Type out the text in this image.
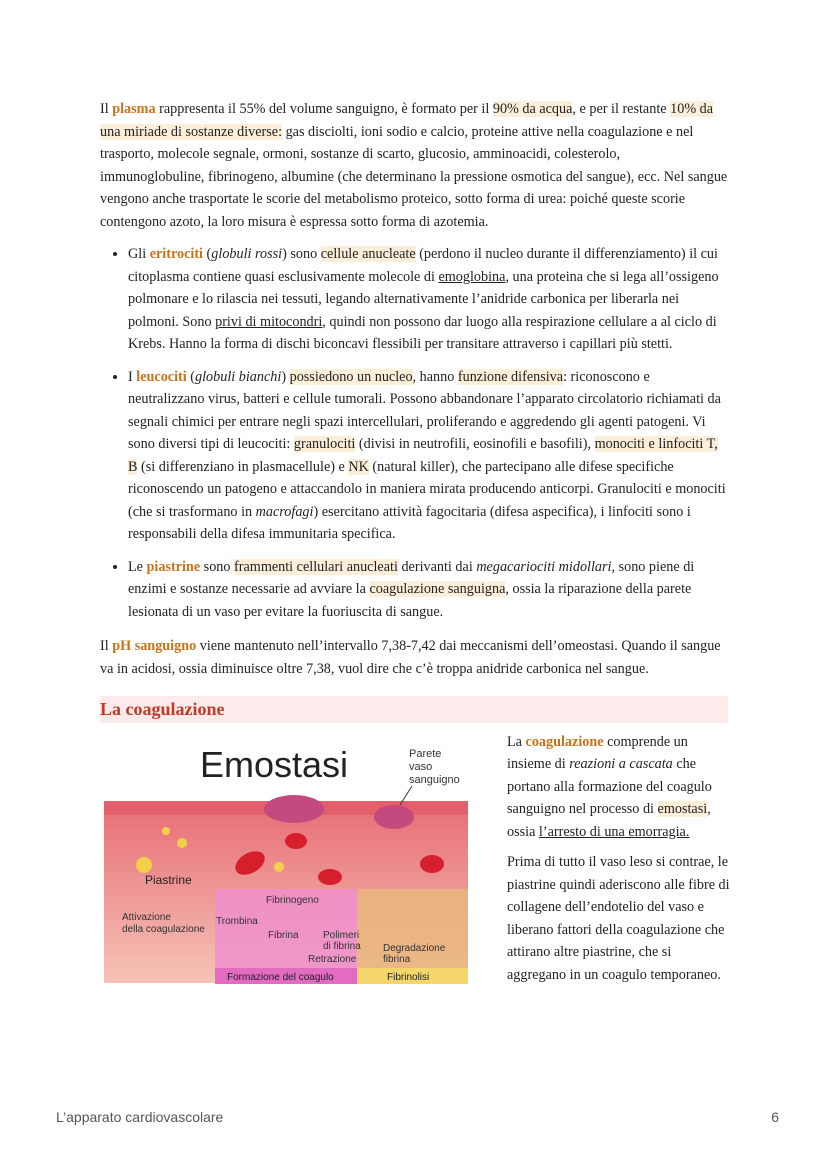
Il plasma rappresenta il 55% del volume sanguigno, è formato per il 90% da acqua, e per il restante 10% da una miriade di sostanze diverse: gas disciolti, ioni sodio e calcio, proteine attive nella coagulazione e nel trasporto, molecole segnale, ormoni, sostanze di scarto, glucosio, amminoacidi, colesterolo, immunoglobuline, fibrinogeno, albumine (che determinano la pressione osmotica del sangue), ecc. Nel sangue vengono anche trasportate le scorie del metabolismo proteico, sotto forma di urea: poiché queste scorie contengono azoto, la loro misura è espressa sotto forma di azotemia.

• Gli eritrociti (globuli rossi) sono cellule anucleate (perdono il nucleo durante il differenziamento) il cui citoplasma contiene quasi esclusivamente molecole di emoglobina, una proteina che si lega all’ossigeno polmonare e lo rilascia nei tessuti, legando alternativamente l’anidride carbonica per liberarla nei polmoni. Sono privi di mitocondri, quindi non possono dar luogo alla respirazione cellulare a al ciclo di Krebs. Hanno la forma di dischi biconcavi flessibili per transitare attraverso i capillari più stetti.
• I leucociti (globuli bianchi) possiedono un nucleo, hanno funzione difensiva: riconoscono e neutralizzano virus, batteri e cellule tumorali. Possono abbandonare l’apparato circolatorio richiamati da segnali chimici per entrare negli spazi intercellulari, proliferando e aggredendo gli agenti patogeni. Vi sono diversi tipi di leucociti: granulociti (divisi in neutrofili, eosinofili e basofili), monociti e linfociti T, B (si differenziano in plasmacellule) e NK (natural killer), che partecipano alle difese specifiche riconoscendo un patogeno e attaccandolo in maniera mirata producendo anticorpi. Granulociti e monociti (che si trasformano in macrofagi) esercitano attività fagocitaria (difesa aspecifica), i linfociti sono i responsabili della difesa immunitaria specifica.
• Le piastrine sono frammenti cellulari anucleati derivanti dai megacariociti midollari, sono piene di enzimi e sostanze necessarie ad avviare la coagulazione sanguigna, ossia la riparazione della parete lesionata di un vaso per evitare la fuoriuscita di sangue.

Il pH sanguigno viene mantenuto nell’intervallo 7,38-7,42 dai meccanismi dell’omeostasi. Quando il sangue va in acidosi, ossia diminuisce oltre 7,38, vuol dire che c’è troppa anidride carbonica nel sangue.

La coagulazione
Emostasi	Parete
vaso
sanguigno
Piastrine
Fibrinogeno
Attivazione
della coagulazione
Trombina
Fibrina Polimeri
di fibrina
Retrazione
Degradazione
fibrina
Formazione del coagulo	Fibrinolisi

La coagulazione comprende un insieme di reazioni a cascata che portano alla formazione del coagulo sanguigno nel processo di emostasi, ossia l’arresto di una emorragia.

Prima di tutto il vaso leso si contrae, le piastrine quindi aderiscono alle fibre di collagene dell’endotelio del vaso e liberano fattori della coagulazione che attirano altre piastrine, che si aggregano in un coagulo temporaneo.

L’apparato cardiovascolare	6
